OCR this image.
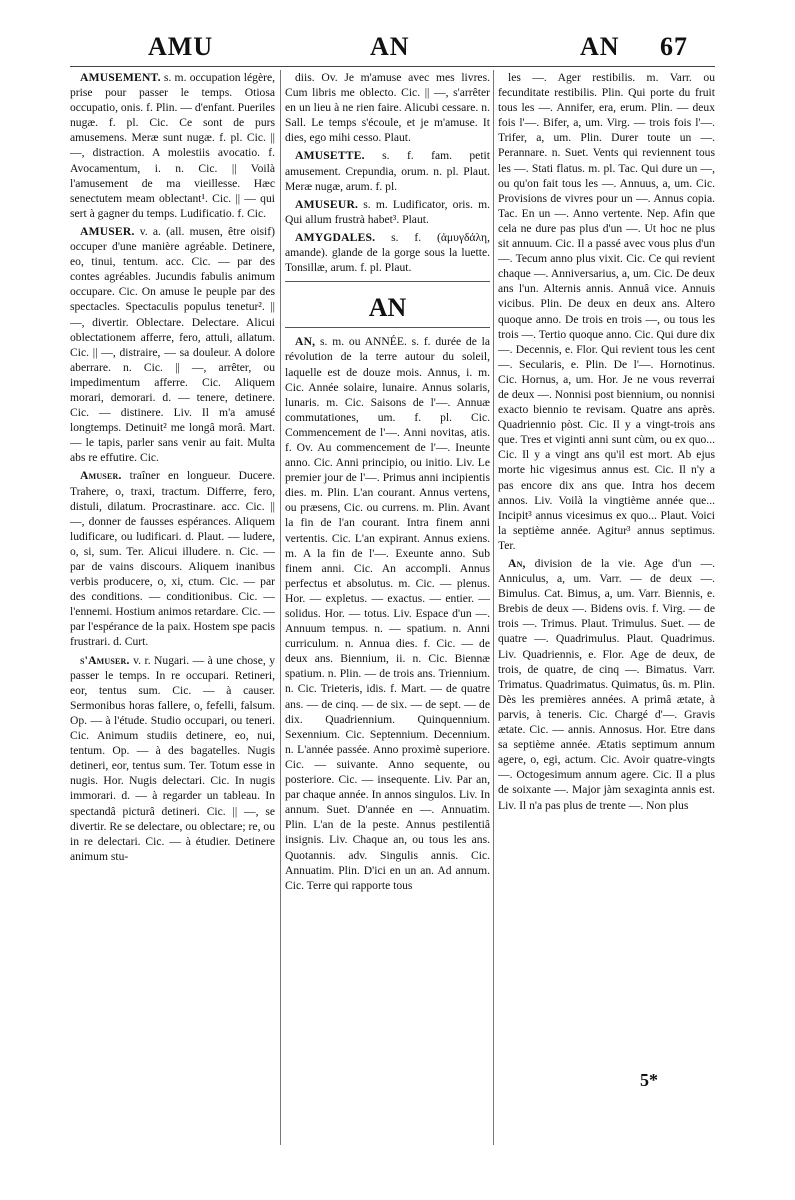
AMU	AN	AN 67

AMUSEMENT. s. m. occupation légère, prise pour passer le temps. Otiosa occupatio, onis. f. Plin. — d'enfant. Pueriles nugæ. f. pl. Cic. Ce sont de purs amusemens. Meræ sunt nugæ. f. pl. Cic. || —, distraction. A molestiis avocatio. f. Avocamentum, i. n. Cic. || Voilà l'amusement de ma vieillesse. Hæc senectutem meam oblectant¹. Cic. || — qui sert à gagner du temps. Ludificatio. f. Cic.

AMUSER. v. a. (all. musen, être oisif) occuper d'une manière agréable. Detinere, eo, tinui, tentum. acc. Cic. — par des contes agréables. Jucundis fabulis animum occupare. Cic. On amuse le peuple par des spectacles. Spectaculis populus tenetur². || —, divertir. Oblectare. Delectare. Alicui oblectationem afferre, fero, attuli, allatum. Cic. || —, distraire, — sa douleur. A dolore aberrare. n. Cic. || —, arrêter, ou impedimentum afferre. Cic. Aliquem morari, demorari. d. — tenere, detinere. Cic. — distinere. Liv. Il m'a amusé longtemps. Detinuit² me longâ morâ. Mart. — le tapis, parler sans venir au fait. Multa abs re effutire. Cic.

Amuser. traîner en longueur. Ducere. Trahere, o, traxi, tractum. Differre, fero, distuli, dilatum. Procrastinare. acc. Cic. || —, donner de fausses espérances. Aliquem ludificare, ou ludificari. d. Plaut. — ludere, o, si, sum. Ter. Alicui illudere. n. Cic. — par de vains discours. Aliquem inanibus verbis producere, o, xi, ctum. Cic. — par des conditions. — conditionibus. Cic. — l'ennemi. Hostium animos retardare. Cic. — par l'espérance de la paix. Hostem spe pacis frustrari. d. Curt.

s'Amuser. v. r. Nugari. — à une chose, y passer le temps. In re occupari. Retineri, eor, tentus sum. Cic. — à causer. Sermonibus horas fallere, o, fefelli, falsum. Op. — à l'étude. Studio occupari, ou teneri. Cic. Animum studiis detinere, eo, nui, tentum. Op. — à des bagatelles. Nugis detineri, eor, tentus sum. Ter. Totum esse in nugis. Hor. Nugis delectari. Cic. In nugis immorari. d. — à regarder un tableau. In spectandâ picturâ detineri. Cic. || —, se divertir. Re se delectare, ou oblectare; re, ou in re delectari. Cic. — à étudier. Detinere animum stu-

diis. Ov. Je m'amuse avec mes livres. Cum libris me oblecto. Cic. || —, s'arrêter en un lieu à ne rien faire. Alicubi cessare. n. Sall. Le temps s'écoule, et je m'amuse. It dies, ego mihi cesso. Plaut.

AMUSETTE. s. f. fam. petit amusement. Crepundia, orum. n. pl. Plaut. Meræ nugæ, arum. f. pl.

AMUSEUR. s. m. Ludificator, oris. m. Qui allum frustrà habet³. Plaut.

AMYGDALES. s. f. (ἀμυγδάλη, amande). glande de la gorge sous la luette. Tonsillæ, arum. f. pl. Plaut.

AN

AN, s. m. ou ANNÉE. s. f. durée de la révolution de la terre autour du soleil, laquelle est de douze mois. Annus, i. m. Cic. Année solaire, lunaire. Annus solaris, lunaris. m. Cic. Saisons de l'—. Annuæ commutationes, um. f. pl. Cic. Commencement de l'—. Anni novitas, atis. f. Ov. Au commencement de l'—. Ineunte anno. Cic. Anni principio, ou initio. Liv. Le premier jour de l'—. Primus anni incipientis dies. m. Plin. L'an courant. Annus vertens, ou præsens, Cic. ou currens. m. Plin. Avant la fin de l'an courant. Intra finem anni vertentis. Cic. L'an expirant. Annus exiens. m. A la fin de l'—. Exeunte anno. Sub finem anni. Cic. An accompli. Annus perfectus et absolutus. m. Cic. — plenus. Hor. — expletus. — exactus. — entier. — solidus. Hor. — totus. Liv. Espace d'un —. Annuum tempus. n. — spatium. n. Anni curriculum. n. Annua dies. f. Cic. — de deux ans. Biennium, ii. n. Cic. Biennæ spatium. n. Plin. — de trois ans. Triennium. n. Cic. Trieteris, idis. f. Mart. — de quatre ans. — de cinq. — de six. — de sept. — de dix. Quadriennium. Quinquennium. Sexennium. Cic. Septennium. Decennium. n. L'année passée. Anno proximè superiore. Cic. — suivante. Anno sequente, ou posteriore. Cic. — insequente. Liv. Par an, par chaque année. In annos singulos. Liv. In annum. Suet. D'année en —. Annuatim. Plin. L'an de la peste. Annus pestilentiâ insignis. Liv. Chaque an, ou tous les ans. Quotannis. adv. Singulis annis. Cic. Annuatim. Plin. D'ici en un an. Ad annum. Cic. Terre qui rapporte tous

les —. Ager restibilis. m. Varr. ou fecunditate restibilis. Plin. Qui porte du fruit tous les —. Annifer, era, erum. Plin. — deux fois l'—. Bifer, a, um. Virg. — trois fois l'—. Trifer, a, um. Plin. Durer toute un —. Perannare. n. Suet. Vents qui reviennent tous les —. Stati flatus. m. pl. Tac. Qui dure un —, ou qu'on fait tous les —. Annuus, a, um. Cic. Provisions de vivres pour un —. Annus copia. Tac. En un —. Anno vertente. Nep. Afin que cela ne dure pas plus d'un —. Ut hoc ne plus sit annuum. Cic. Il a passé avec vous plus d'un —. Tecum anno plus vixit. Cic. Ce qui revient chaque —. Anniversarius, a, um. Cic. De deux ans l'un. Alternis annis. Annuâ vice. Annuis vicibus. Plin. De deux en deux ans. Altero quoque anno. De trois en trois —, ou tous les trois —. Tertio quoque anno. Cic. Qui dure dix —. Decennis, e. Flor. Qui revient tous les cent —. Secularis, e. Plin. De l'—. Hornotinus. Cic. Hornus, a, um. Hor. Je ne vous reverrai de deux —. Nonnisi post biennium, ou nonnisi exacto biennio te revisam. Quatre ans après. Quadriennio pòst. Cic. Il y a vingt-trois ans que. Tres et viginti anni sunt cùm, ou ex quo... Cic. Il y a vingt ans qu'il est mort. Ab ejus morte hic vigesimus annus est. Cic. Il n'y a pas encore dix ans que. Intra hos decem annos. Liv. Voilà la vingtième année que... Incipit³ annus vicesimus ex quo... Plaut. Voici la septième année. Agitur³ annus septimus. Ter.

An, division de la vie. Age d'un —. Anniculus, a, um. Varr. — de deux —. Bimulus. Cat. Bimus, a, um. Varr. Biennis, e. Brebis de deux —. Bidens ovis. f. Virg. — de trois —. Trimus. Plaut. Trimulus. Suet. — de quatre —. Quadrimulus. Plaut. Quadrimus. Liv. Quadriennis, e. Flor. Age de deux, de trois, de quatre, de cinq —. Bimatus. Varr. Trimatus. Quadrimatus. Quimatus, ûs. m. Plin. Dès les premières années. A primâ ætate, à parvis, à teneris. Cic. Chargé d'—. Gravis ætate. Cic. — annis. Annosus. Hor. Etre dans sa septième année. Ætatis septimum annum agere, o, egi, actum. Cic. Avoir quatre-vingts —. Octogesimum annum agere. Cic. Il a plus de soixante —. Major jàm sexaginta annis est. Liv. Il n'a pas plus de trente —. Non plus

5*
